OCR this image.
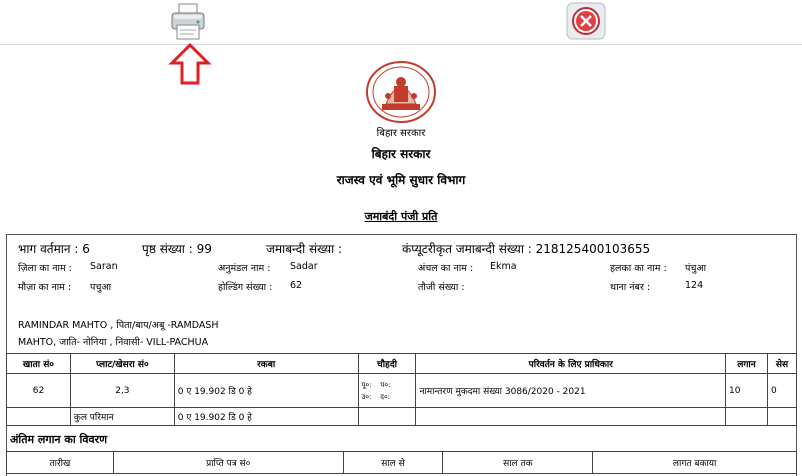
बिहार सरकार
बिहार सरकार
राजस्व एवं भूमि सुधार विभाग
जमाबंदी पंजी प्रति
भाग वर्तमान : 6	पृष्ठ संख्या : 99	जमाबन्दी संख्या :	कंप्यूटरीकृत जमाबन्दी संख्या : 218125400103655
ज़िला का नाम : Saran	अनुमंडल नाम : Sadar	अंचल का नाम : Ekma	हलका का नाम : पंचुआ
मौज़ा का नाम : पचुआ	होल्डिंग संख्या : 62	तौजी संख्या :	थाना नंबर :	124
RAMINDAR MAHTO , पिता/बाप/अबू -RAMDASH
MAHTO, जाति- नोनिया , निवासी- VILL-PACHUA
खाता सं०	प्लाट/खेसरा सं०	रकबा	चौहदी	परिवर्तन के लिए प्राधिकार	लगान	सेस
62	2,3	0 ए 19.902 डि 0 हे	पू०: प०:
उ०: द०:	नामान्तरण मुकदमा संख्या 3086/2020 - 2021	10	0
	कुल परिमान	0 ए 19.902 डि 0 हे				
अंतिम लगान का विवरण
तारीख	प्राप्ति पत्र सं०	साल से	साल तक	लागत बकाया
